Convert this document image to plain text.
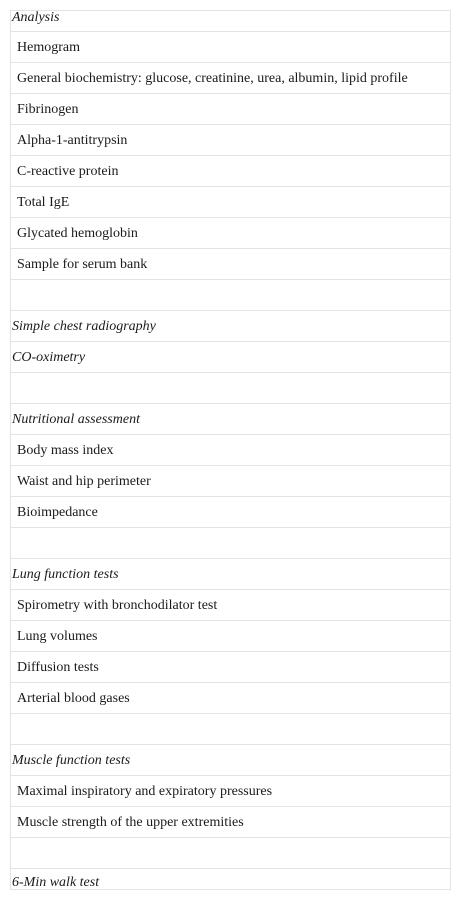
Analysis
Hemogram
General biochemistry: glucose, creatinine, urea, albumin, lipid profile
Fibrinogen
Alpha-1-antitrypsin
C-reactive protein
Total IgE
Glycated hemoglobin
Sample for serum bank
Simple chest radiography
CO-oximetry
Nutritional assessment
Body mass index
Waist and hip perimeter
Bioimpedance
Lung function tests
Spirometry with bronchodilator test
Lung volumes
Diffusion tests
Arterial blood gases
Muscle function tests
Maximal inspiratory and expiratory pressures
Muscle strength of the upper extremities
6-Min walk test
